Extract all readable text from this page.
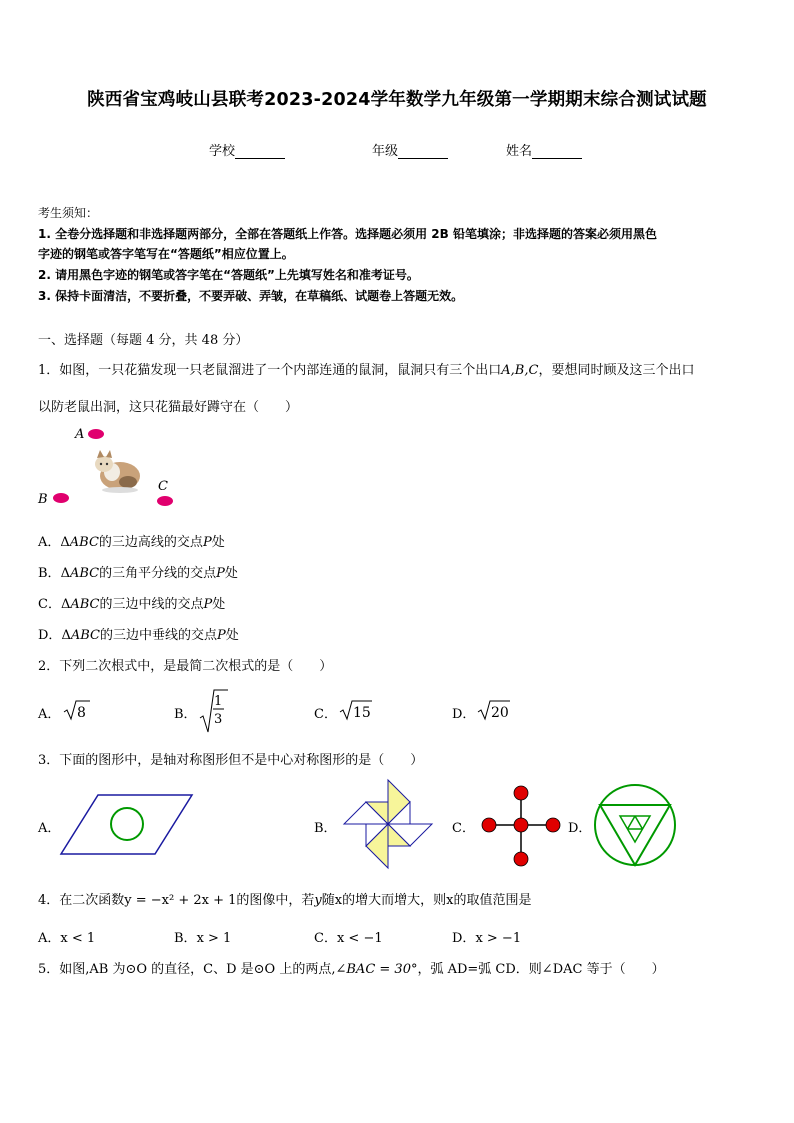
陕西省宝鸡岐山县联考2023-2024学年数学九年级第一学期期末综合测试试题
学校	年级	姓名
考生须知：
1. 全卷分选择题和非选择题两部分，全部在答题纸上作答。选择题必须用 2B 铅笔填涂；非选择题的答案必须用黑色
字迹的钢笔或答字笔写在“答题纸”相应位置上。
2. 请用黑色字迹的钢笔或答字笔在“答题纸”上先填写姓名和准考证号。
3. 保持卡面清洁，不要折叠，不要弄破、弄皱，在草稿纸、试题卷上答题无效。
一、选择题（每题 4 分，共 48 分）
1．如图，一只花猫发现一只老鼠溜进了一个内部连通的鼠洞，鼠洞只有三个出口A,B,C，要想同时顾及这三个出口
以防老鼠出洞，这只花猫最好蹲守在（　　）
A
B
C
A．ΔABC的三边高线的交点P处
B．ΔABC的三角平分线的交点P处
C．ΔABC的三边中线的交点P处
D．ΔABC的三边中垂线的交点P处
2．下列二次根式中，是最简二次根式的是（　　）
A． 8	B．
1
3	C． 15	D． 20
3．下面的图形中，是轴对称图形但不是中心对称图形的是（　　）
A．	B．	C．	D．
4．在二次函数y = −x² + 2x + 1的图像中，若y随x的增大而增大，则x的取值范围是
A．x < 1	B．x > 1	C．x < −1	D．x > −1
5．如图,AB 为⊙O 的直径，C、D 是⊙O 上的两点,∠BAC = 30°，弧 AD=弧 CD．则∠DAC 等于（　　）
